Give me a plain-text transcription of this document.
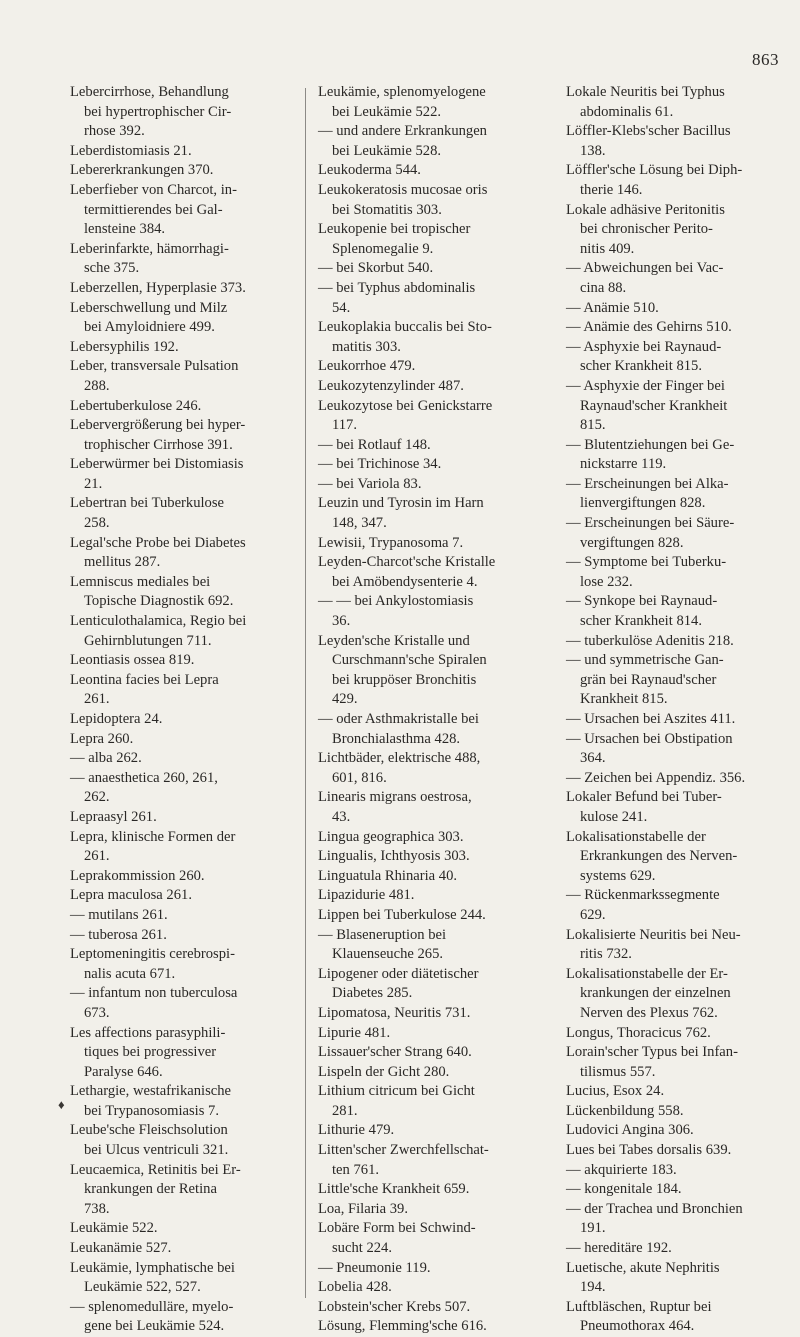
863
♦
Lebercirrhose, Behandlung
bei hypertrophischer Cir-
rhose 392.
Leberdistomiasis 21.
Lebererkrankungen 370.
Leberfieber von Charcot, in-
termittierendes bei Gal-
lensteine 384.
Leberinfarkte, hämorrhagi-
sche 375.
Leberzellen, Hyperplasie 373.
Leberschwellung und Milz
bei Amyloidniere 499.
Lebersyphilis 192.
Leber, transversale Pulsation
288.
Lebertuberkulose 246.
Lebervergrößerung bei hyper-
trophischer Cirrhose 391.
Leberwürmer bei Distomiasis
21.
Lebertran bei Tuberkulose
258.
Legal'sche Probe bei Diabetes
mellitus 287.
Lemniscus mediales bei
Topische Diagnostik 692.
Lenticulothalamica, Regio bei
Gehirnblutungen 711.
Leontiasis ossea 819.
Leontina facies bei Lepra
261.
Lepidoptera 24.
Lepra 260.
— alba 262.
— anaesthetica 260, 261,
262.
Lepraasyl 261.
Lepra, klinische Formen der
261.
Leprakommission 260.
Lepra maculosa 261.
— mutilans 261.
— tuberosa 261.
Leptomeningitis cerebrospi-
nalis acuta 671.
— infantum non tuberculosa
673.
Les affections parasyphili-
tiques bei progressiver
Paralyse 646.
Lethargie, westafrikanische
bei Trypanosomiasis 7.
Leube'sche Fleischsolution
bei Ulcus ventriculi 321.
Leucaemica, Retinitis bei Er-
krankungen der Retina
738.
Leukämie 522.
Leukanämie 527.
Leukämie, lymphatische bei
Leukämie 522, 527.
— splenomedulläre, myelo-
gene bei Leukämie 524.
Leukämie, splenomyelogene
bei Leukämie 522.
— und andere Erkrankungen
bei Leukämie 528.
Leukoderma 544.
Leukokeratosis mucosae oris
bei Stomatitis 303.
Leukopenie bei tropischer
Splenomegalie 9.
— bei Skorbut 540.
— bei Typhus abdominalis
54.
Leukoplakia buccalis bei Sto-
matitis 303.
Leukorrhoe 479.
Leukozytenzylinder 487.
Leukozytose bei Genickstarre
117.
— bei Rotlauf 148.
— bei Trichinose 34.
— bei Variola 83.
Leuzin und Tyrosin im Harn
148, 347.
Lewisii, Trypanosoma 7.
Leyden-Charcot'sche Kristalle
bei Amöbendysenterie 4.
— — bei Ankylostomiasis
36.
Leyden'sche Kristalle und
Curschmann'sche Spiralen
bei kruppöser Bronchitis
429.
— oder Asthmakristalle bei
Bronchialasthma 428.
Lichtbäder, elektrische 488,
601, 816.
Linearis migrans oestrosa,
43.
Lingua geographica 303.
Lingualis, Ichthyosis 303.
Linguatula Rhinaria 40.
Lipazidurie 481.
Lippen bei Tuberkulose 244.
— Blaseneruption bei
Klauenseuche 265.
Lipogener oder diätetischer
Diabetes 285.
Lipomatosa, Neuritis 731.
Lipurie 481.
Lissauer'scher Strang 640.
Lispeln der Gicht 280.
Lithium citricum bei Gicht
281.
Lithurie 479.
Litten'scher Zwerchfellschat-
ten 761.
Little'sche Krankheit 659.
Loa, Filaria 39.
Lobäre Form bei Schwind-
sucht 224.
— Pneumonie 119.
Lobelia 428.
Lobstein'scher Krebs 507.
Lösung, Flemming'sche 616.
Lokale Neuritis bei Typhus
abdominalis 61.
Löffler-Klebs'scher Bacillus
138.
Löffler'sche Lösung bei Diph-
therie 146.
Lokale adhäsive Peritonitis
bei chronischer Perito-
nitis 409.
— Abweichungen bei Vac-
cina 88.
— Anämie 510.
— Anämie des Gehirns 510.
— Asphyxie bei Raynaud-
scher Krankheit 815.
— Asphyxie der Finger bei
Raynaud'scher Krankheit
815.
— Blutentziehungen bei Ge-
nickstarre 119.
— Erscheinungen bei Alka-
lienvergiftungen 828.
— Erscheinungen bei Säure-
vergiftungen 828.
— Symptome bei Tuberku-
lose 232.
— Synkope bei Raynaud-
scher Krankheit 814.
— tuberkulöse Adenitis 218.
— und symmetrische Gan-
grän bei Raynaud'scher
Krankheit 815.
— Ursachen bei Aszites 411.
— Ursachen bei Obstipation
364.
— Zeichen bei Appendiz. 356.
Lokaler Befund bei Tuber-
kulose 241.
Lokalisationstabelle der
Erkrankungen des Nerven-
systems 629.
— Rückenmarkssegmente
629.
Lokalisierte Neuritis bei Neu-
ritis 732.
Lokalisationstabelle der Er-
krankungen der einzelnen
Nerven des Plexus 762.
Longus, Thoracicus 762.
Lorain'scher Typus bei Infan-
tilismus 557.
Lucius, Esox 24.
Lückenbildung 558.
Ludovici Angina 306.
Lues bei Tabes dorsalis 639.
— akquirierte 183.
— kongenitale 184.
— der Trachea und Bronchien
191.
— hereditäre 192.
Luetische, akute Nephritis
194.
Luftbläschen, Ruptur bei
Pneumothorax 464.
